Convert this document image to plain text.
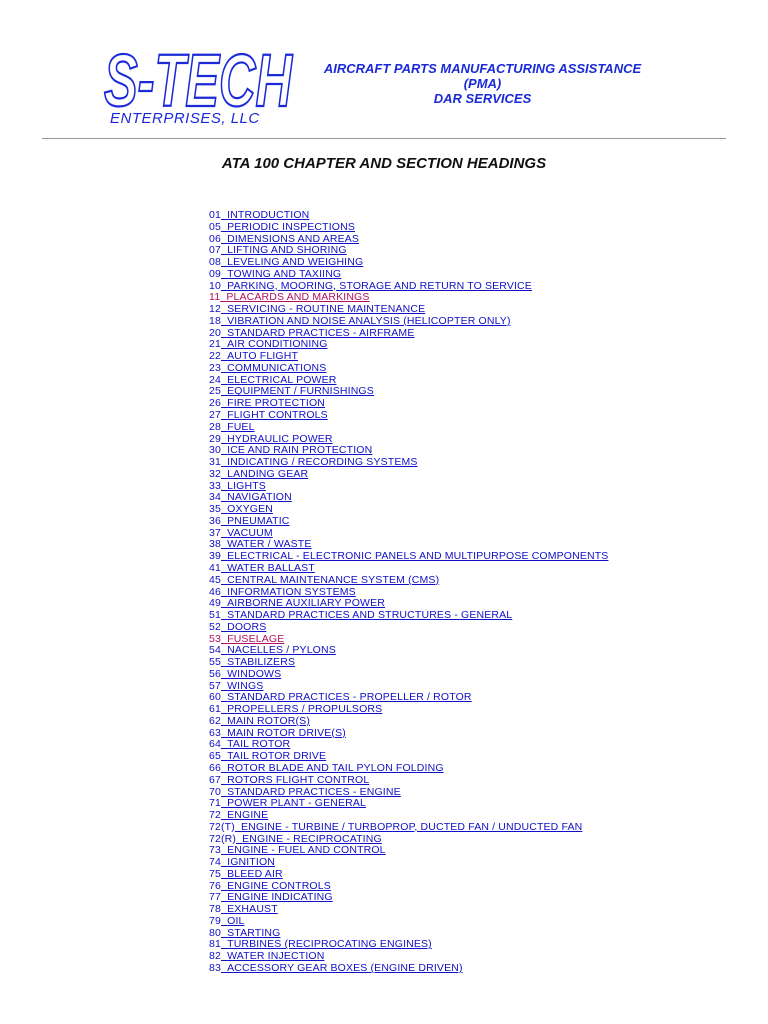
S-TECH
ENTERPRISES, LLC
AIRCRAFT PARTS MANUFACTURING ASSISTANCE
(PMA)
DAR SERVICES
ATA 100 CHAPTER AND SECTION HEADINGS
01 INTRODUCTION
05 PERIODIC INSPECTIONS
06 DIMENSIONS AND AREAS
07 LIFTING AND SHORING
08 LEVELING AND WEIGHING
09 TOWING AND TAXIING
10 PARKING, MOORING, STORAGE AND RETURN TO SERVICE
11 PLACARDS AND MARKINGS
12 SERVICING - ROUTINE MAINTENANCE
18 VIBRATION AND NOISE ANALYSIS (HELICOPTER ONLY)
20 STANDARD PRACTICES - AIRFRAME
21 AIR CONDITIONING
22 AUTO FLIGHT
23 COMMUNICATIONS
24 ELECTRICAL POWER
25 EQUIPMENT / FURNISHINGS
26 FIRE PROTECTION
27 FLIGHT CONTROLS
28 FUEL
29 HYDRAULIC POWER
30 ICE AND RAIN PROTECTION
31 INDICATING / RECORDING SYSTEMS
32 LANDING GEAR
33 LIGHTS
34 NAVIGATION
35 OXYGEN
36 PNEUMATIC
37 VACUUM
38 WATER / WASTE
39 ELECTRICAL - ELECTRONIC PANELS AND MULTIPURPOSE COMPONENTS
41 WATER BALLAST
45 CENTRAL MAINTENANCE SYSTEM (CMS)
46 INFORMATION SYSTEMS
49 AIRBORNE AUXILIARY POWER
51 STANDARD PRACTICES AND STRUCTURES - GENERAL
52 DOORS
53 FUSELAGE
54 NACELLES / PYLONS
55 STABILIZERS
56 WINDOWS
57 WINGS
60 STANDARD PRACTICES - PROPELLER / ROTOR
61 PROPELLERS / PROPULSORS
62 MAIN ROTOR(S)
63 MAIN ROTOR DRIVE(S)
64 TAIL ROTOR
65 TAIL ROTOR DRIVE
66 ROTOR BLADE AND TAIL PYLON FOLDING
67 ROTORS FLIGHT CONTROL
70 STANDARD PRACTICES - ENGINE
71 POWER PLANT - GENERAL
72 ENGINE
72(T) ENGINE - TURBINE / TURBOPROP, DUCTED FAN / UNDUCTED FAN
72(R) ENGINE - RECIPROCATING
73 ENGINE - FUEL AND CONTROL
74 IGNITION
75 BLEED AIR
76 ENGINE CONTROLS
77 ENGINE INDICATING
78 EXHAUST
79 OIL
80 STARTING
81 TURBINES (RECIPROCATING ENGINES)
82 WATER INJECTION
83 ACCESSORY GEAR BOXES (ENGINE DRIVEN)
